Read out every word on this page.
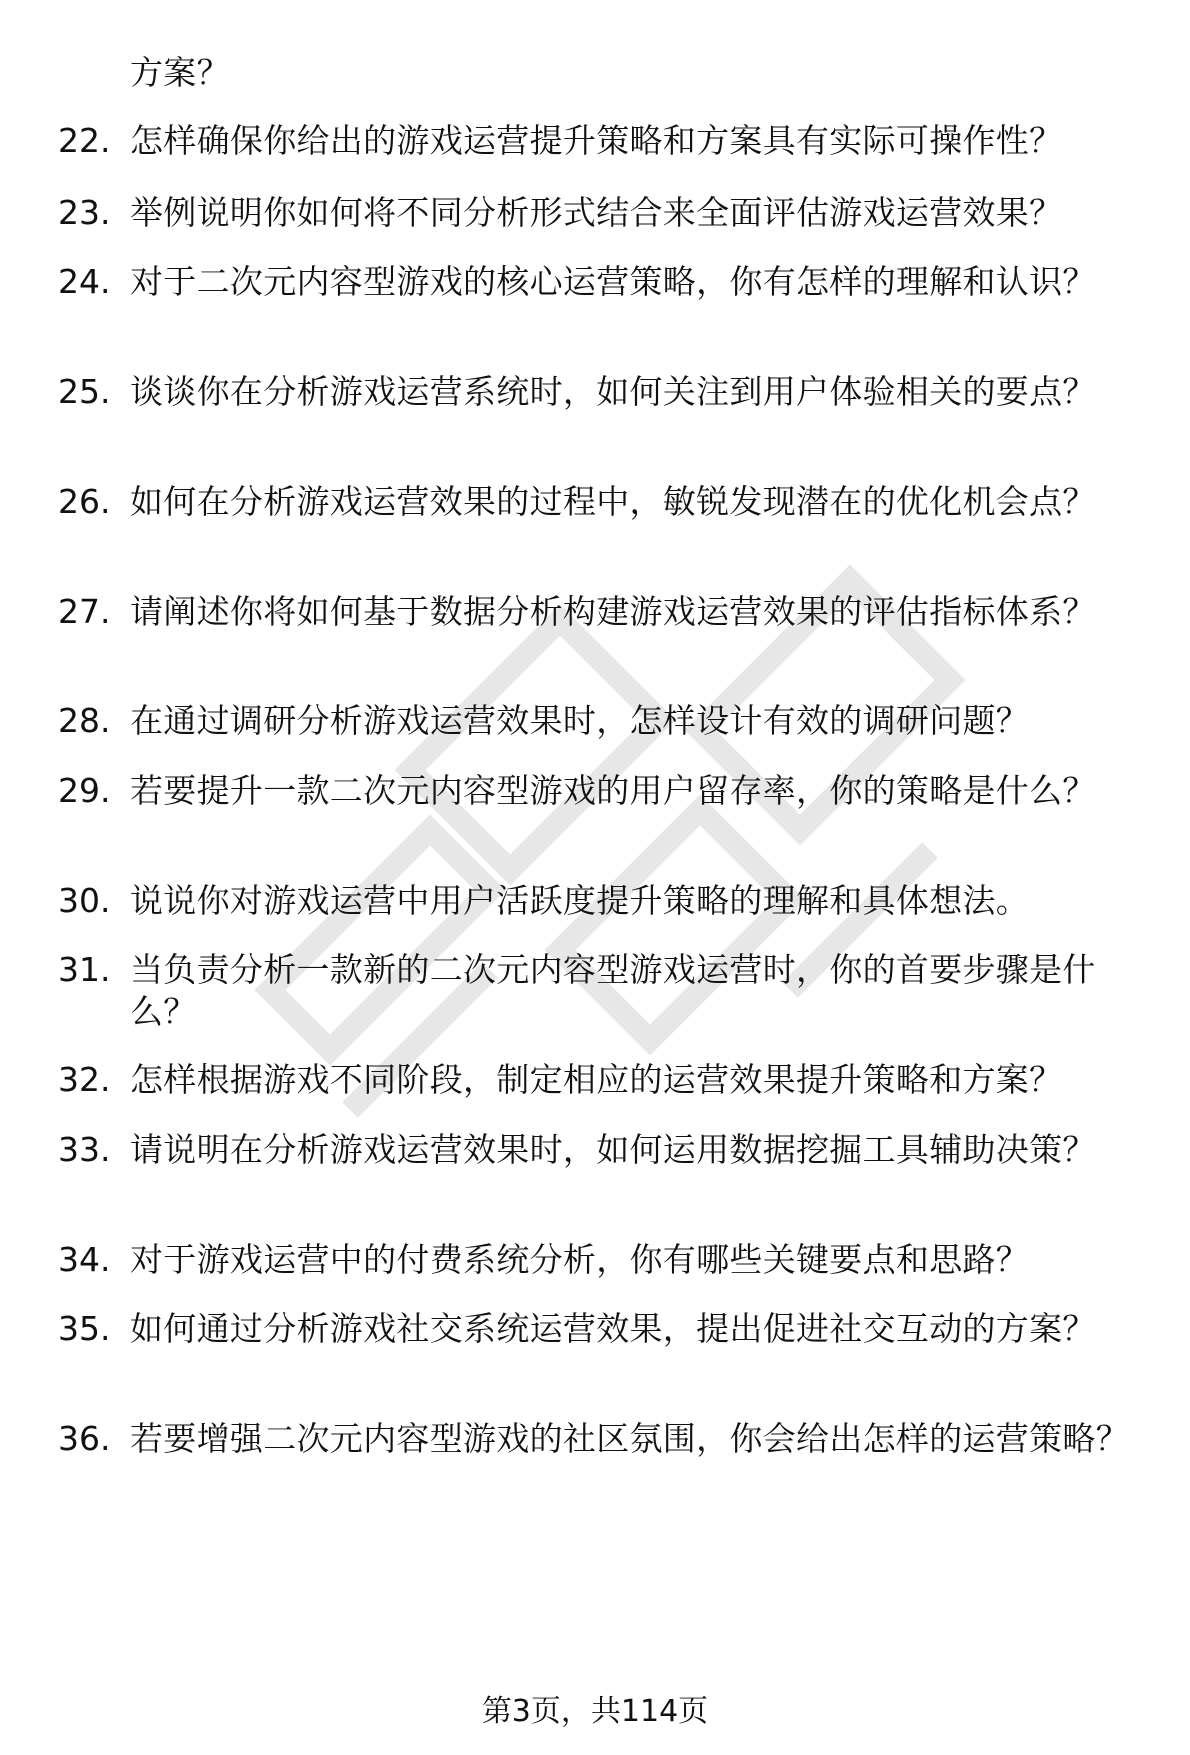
方案？
22. 怎样确保你给出的游戏运营提升策略和方案具有实际可操作性？
23. 举例说明你如何将不同分析形式结合来全面评估游戏运营效果？
24. 对于二次元内容型游戏的核心运营策略，你有怎样的理解和认识？
25. 谈谈你在分析游戏运营系统时，如何关注到用户体验相关的要点？
26. 如何在分析游戏运营效果的过程中，敏锐发现潜在的优化机会点？
27. 请阐述你将如何基于数据分析构建游戏运营效果的评估指标体系？
28. 在通过调研分析游戏运营效果时，怎样设计有效的调研问题？
29. 若要提升一款二次元内容型游戏的用户留存率，你的策略是什么？
30. 说说你对游戏运营中用户活跃度提升策略的理解和具体想法。
31. 当负责分析一款新的二次元内容型游戏运营时，你的首要步骤是什么？
32. 怎样根据游戏不同阶段，制定相应的运营效果提升策略和方案？
33. 请说明在分析游戏运营效果时，如何运用数据挖掘工具辅助决策？
34. 对于游戏运营中的付费系统分析，你有哪些关键要点和思路？
35. 如何通过分析游戏社交系统运营效果，提出促进社交互动的方案？
36. 若要增强二次元内容型游戏的社区氛围，你会给出怎样的运营策略？
第3页，共114页
